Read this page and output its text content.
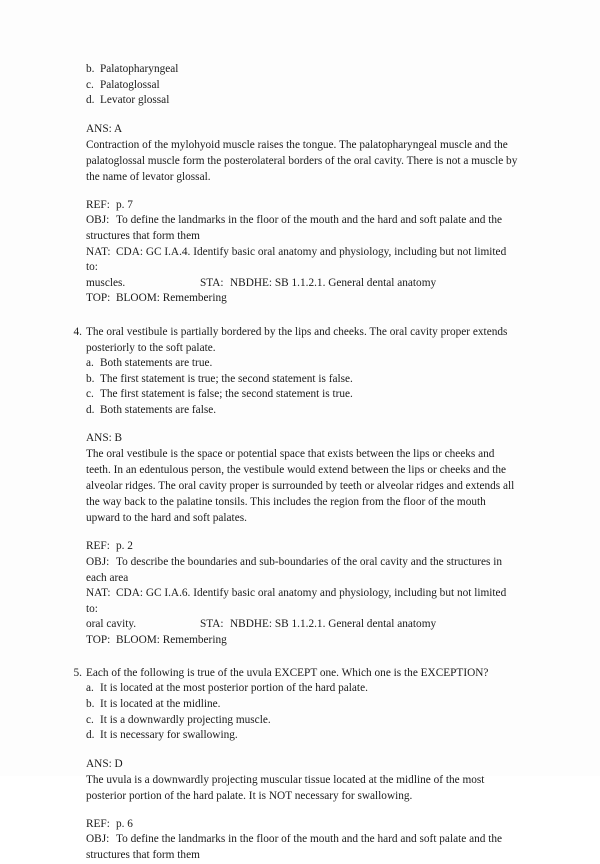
b. Palatopharyngeal
c. Palatoglossal
d. Levator glossal
ANS: A
Contraction of the mylohyoid muscle raises the tongue. The palatopharyngeal muscle and the palatoglossal muscle form the posterolateral borders of the oral cavity. There is not a muscle by the name of levator glossal.
REF: p. 7
OBJ: To define the landmarks in the floor of the mouth and the hard and soft palate and the structures that form them
NAT: CDA: GC I.A.4. Identify basic oral anatomy and physiology, including but not limited to:
muscles.	STA: NBDHE: SB 1.1.2.1. General dental anatomy
TOP: BLOOM: Remembering
4. The oral vestibule is partially bordered by the lips and cheeks. The oral cavity proper extends posteriorly to the soft palate.
a. Both statements are true.
b. The first statement is true; the second statement is false.
c. The first statement is false; the second statement is true.
d. Both statements are false.
ANS: B
The oral vestibule is the space or potential space that exists between the lips or cheeks and teeth. In an edentulous person, the vestibule would extend between the lips or cheeks and the alveolar ridges. The oral cavity proper is surrounded by teeth or alveolar ridges and extends all the way back to the palatine tonsils. This includes the region from the floor of the mouth upward to the hard and soft palates.
REF: p. 2
OBJ: To describe the boundaries and sub-boundaries of the oral cavity and the structures in each area
NAT: CDA: GC I.A.6. Identify basic oral anatomy and physiology, including but not limited to:
oral cavity.	STA: NBDHE: SB 1.1.2.1. General dental anatomy
TOP: BLOOM: Remembering
5. Each of the following is true of the uvula EXCEPT one. Which one is the EXCEPTION?
a. It is located at the most posterior portion of the hard palate.
b. It is located at the midline.
c. It is a downwardly projecting muscle.
d. It is necessary for swallowing.
ANS: D
The uvula is a downwardly projecting muscular tissue located at the midline of the most posterior portion of the hard palate. It is NOT necessary for swallowing.
REF: p. 6
OBJ: To define the landmarks in the floor of the mouth and the hard and soft palate and the structures that form them
